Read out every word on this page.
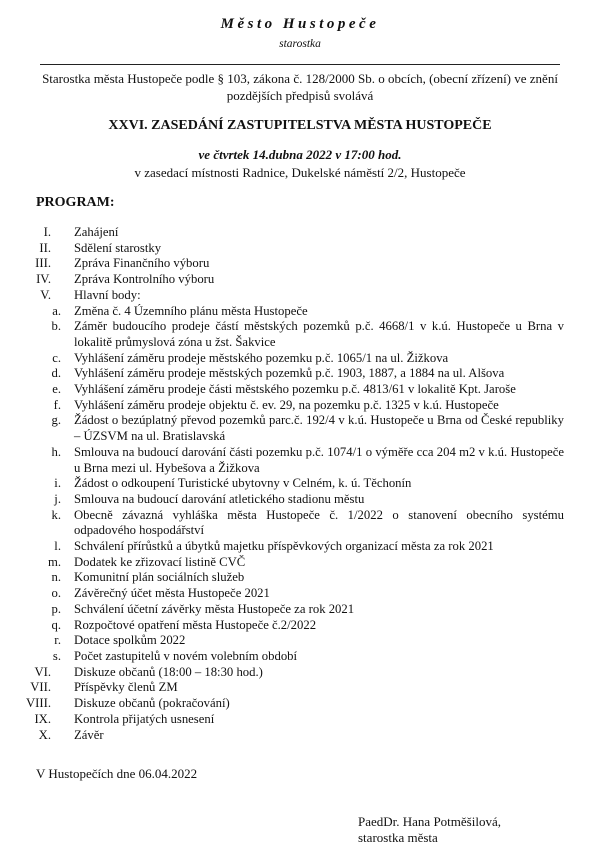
Město Hustopeče
starostka
Starostka města Hustopeče podle § 103, zákona č. 128/2000 Sb. o obcích, (obecní zřízení) ve znění pozdějších předpisů svolává
XXVI. ZASEDÁNÍ ZASTUPITELSTVA MĚSTA HUSTOPEČE
ve čtvrtek 14.dubna 2022 v 17:00 hod.
v zasedací místnosti Radnice, Dukelské náměstí 2/2, Hustopeče
PROGRAM:
I. Zahájení
II. Sdělení starostky
III. Zpráva Finančního výboru
IV. Zpráva Kontrolního výboru
V. Hlavní body:
a. Změna č. 4 Územního plánu města Hustopeče
b. Záměr budoucího prodeje částí městských pozemků p.č. 4668/1 v k.ú. Hustopeče u Brna v lokalitě průmyslová zóna u žst. Šakvice
c. Vyhlášení záměru prodeje městského pozemku p.č. 1065/1 na ul. Žižkova
d. Vyhlášení záměru prodeje městských pozemků p.č. 1903, 1887, a 1884 na ul. Alšova
e. Vyhlášení záměru prodeje části městského pozemku p.č. 4813/61 v lokalitě Kpt. Jaroše
f. Vyhlášení záměru prodeje objektu č. ev. 29, na pozemku p.č. 1325 v k.ú. Hustopeče
g. Žádost o bezúplatný převod pozemků parc.č. 192/4 v k.ú. Hustopeče u Brna od České republiky – ÚZSVM na ul. Bratislavská
h. Smlouva na budoucí darování části pozemku p.č. 1074/1 o výměře cca 204 m2 v k.ú. Hustopeče u Brna mezi ul. Hybešova a Žižkova
i. Žádost o odkoupení Turistické ubytovny v Celném, k. ú. Těchonín
j. Smlouva na budoucí darování atletického stadionu městu
k. Obecně závazná vyhláška města Hustopeče č. 1/2022 o stanovení obecního systému odpadového hospodářství
l. Schválení přírůstků a úbytků majetku příspěvkových organizací města za rok 2021
m. Dodatek ke zřizovací listině CVČ
n. Komunitní plán sociálních služeb
o. Závěrečný účet města Hustopeče 2021
p. Schválení účetní závěrky města Hustopeče za rok 2021
q. Rozpočtové opatření města Hustopeče č.2/2022
r. Dotace spolkům 2022
s. Počet zastupitelů v novém volebním období
VI. Diskuze občanů (18:00 – 18:30 hod.)
VII. Příspěvky členů ZM
VIII. Diskuze občanů (pokračování)
IX. Kontrola přijatých usnesení
X. Závěr
V Hustopečích dne 06.04.2022
PaedDr. Hana Potměšilová,
starostka města
